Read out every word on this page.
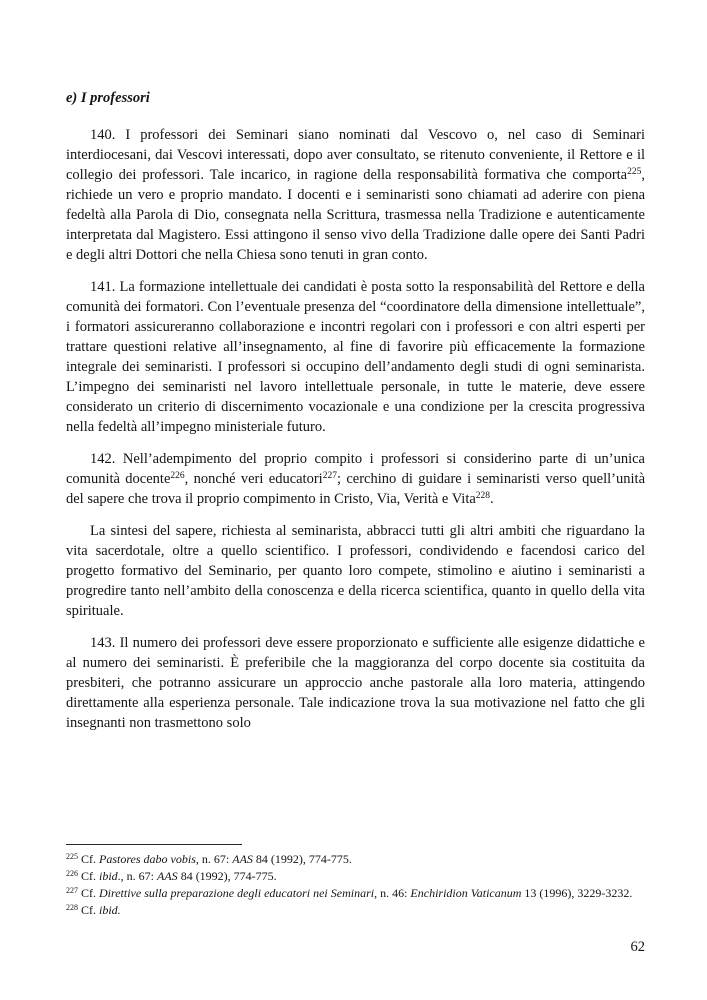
e) I professori

140. I professori dei Seminari siano nominati dal Vescovo o, nel caso di Seminari interdiocesani, dai Vescovi interessati, dopo aver consultato, se ritenuto conveniente, il Rettore e il collegio dei professori. Tale incarico, in ragione della responsabilità formativa che comporta$^{225}$, richiede un vero e proprio mandato. I docenti e i seminaristi sono chiamati ad aderire con piena fedeltà alla Parola di Dio, consegnata nella Scrittura, trasmessa nella Tradizione e autenticamente interpretata dal Magistero. Essi attingono il senso vivo della Tradizione dalle opere dei Santi Padri e degli altri Dottori che nella Chiesa sono tenuti in gran conto.

141. La formazione intellettuale dei candidati è posta sotto la responsabilità del Rettore e della comunità dei formatori. Con l’eventuale presenza del “coordinatore della dimensione intellettuale”, i formatori assicureranno collaborazione e incontri regolari con i professori e con altri esperti per trattare questioni relative all’insegnamento, al fine di favorire più efficacemente la formazione integrale dei seminaristi. I professori si occupino dell’andamento degli studi di ogni seminarista. L’impegno dei seminaristi nel lavoro intellettuale personale, in tutte le materie, deve essere considerato un criterio di discernimento vocazionale e una condizione per la crescita progressiva nella fedeltà all’impegno ministeriale futuro.

142. Nell’adempimento del proprio compito i professori si considerino parte di un’unica comunità docente$^{226}$, nonché veri educatori$^{227}$; cerchino di guidare i seminaristi verso quell’unità del sapere che trova il proprio compimento in Cristo, Via, Verità e Vita$^{228}$.

La sintesi del sapere, richiesta al seminarista, abbracci tutti gli altri ambiti che riguardano la vita sacerdotale, oltre a quello scientifico. I professori, condividendo e facendosi carico del progetto formativo del Seminario, per quanto loro compete, stimolino e aiutino i seminaristi a progredire tanto nell’ambito della conoscenza e della ricerca scientifica, quanto in quello della vita spirituale.

143. Il numero dei professori deve essere proporzionato e sufficiente alle esigenze didattiche e al numero dei seminaristi. È preferibile che la maggioranza del corpo docente sia costituita da presbiteri, che potranno assicurare un approccio anche pastorale alla loro materia, attingendo direttamente alla esperienza personale. Tale indicazione trova la sua motivazione nel fatto che gli insegnanti non trasmettono solo

$^{225}$ Cf. Pastores dabo vobis, n. 67: AAS 84 (1992), 774-775.

$^{226}$ Cf. ibid., n. 67: AAS 84 (1992), 774-775.

$^{227}$ Cf. Direttive sulla preparazione degli educatori nei Seminari, n. 46: Enchiridion Vaticanum 13 (1996), 3229-3232.

$^{228}$ Cf. ibid.

62
